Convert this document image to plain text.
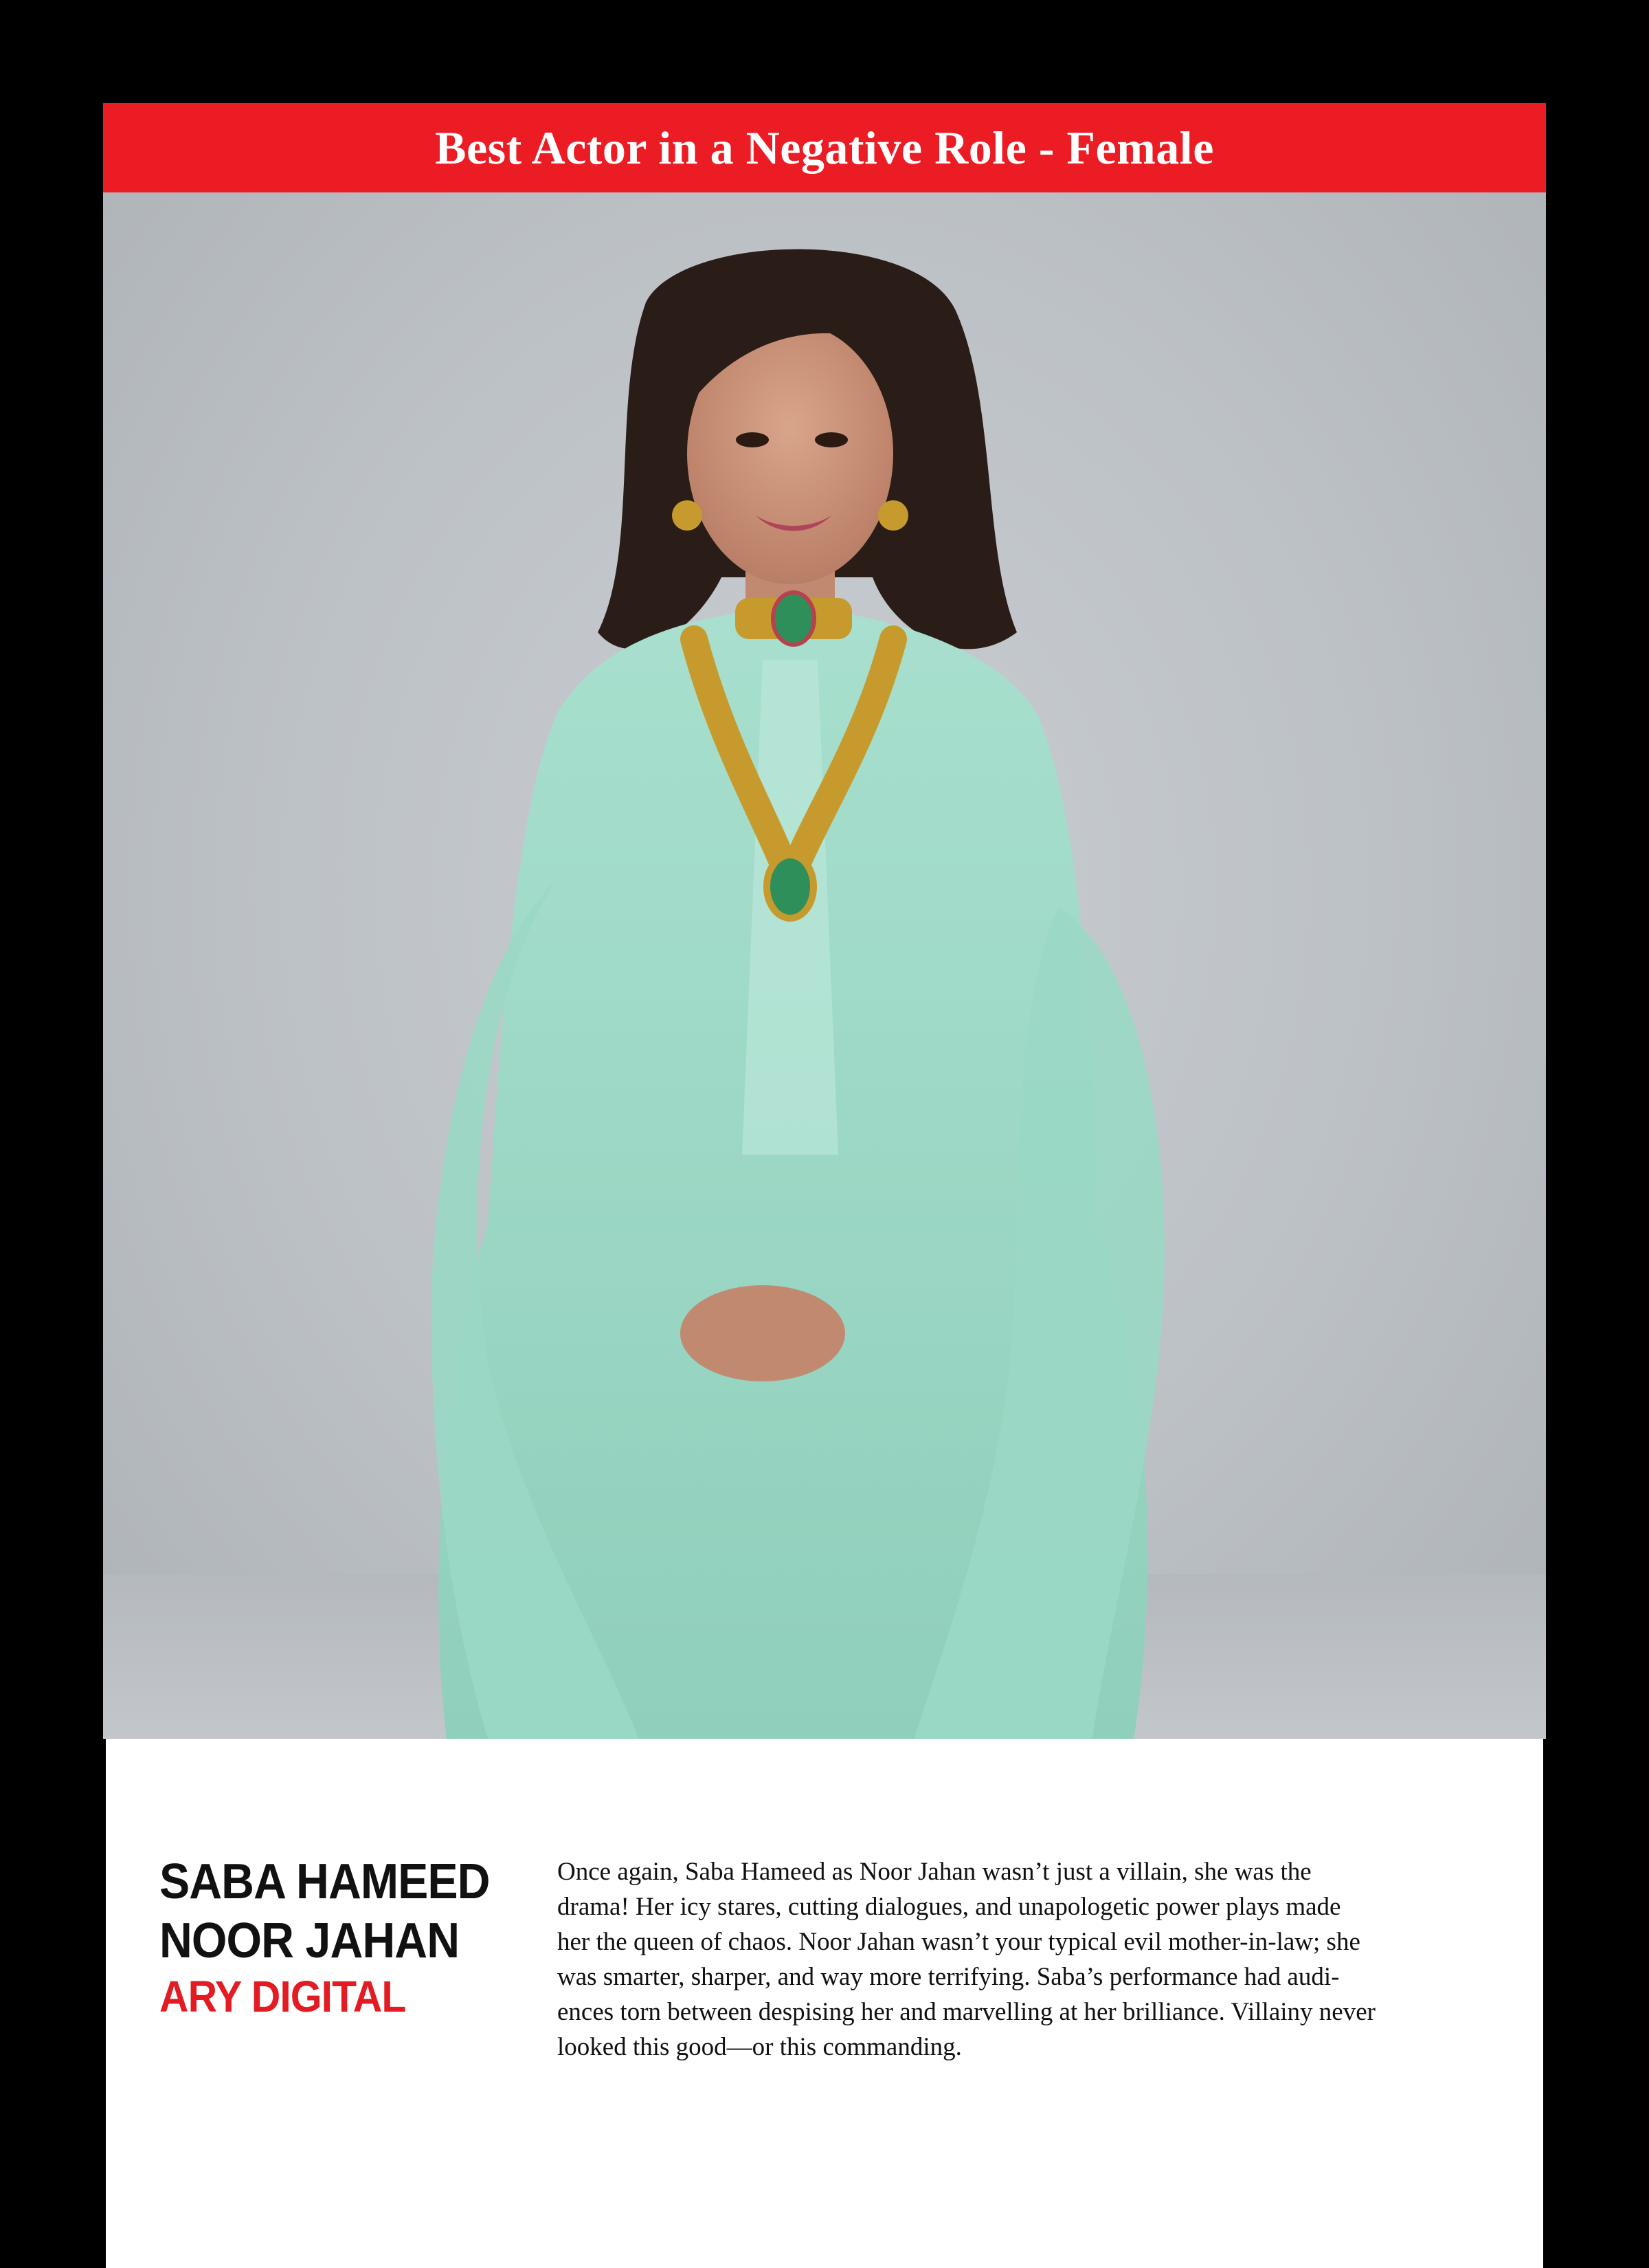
Best Actor in a Negative Role - Female
SABA HAMEED
NOOR JAHAN
ARY DIGITAL
Once again, Saba Hameed as Noor Jahan wasn’t just a villain, she was the
drama! Her icy stares, cutting dialogues, and unapologetic power plays made
her the queen of chaos. Noor Jahan wasn’t your typical evil mother-in-law; she
was smarter, sharper, and way more terrifying. Saba’s performance had audi-
ences torn between despising her and marvelling at her brilliance. Villainy never
looked this good—or this commanding.
